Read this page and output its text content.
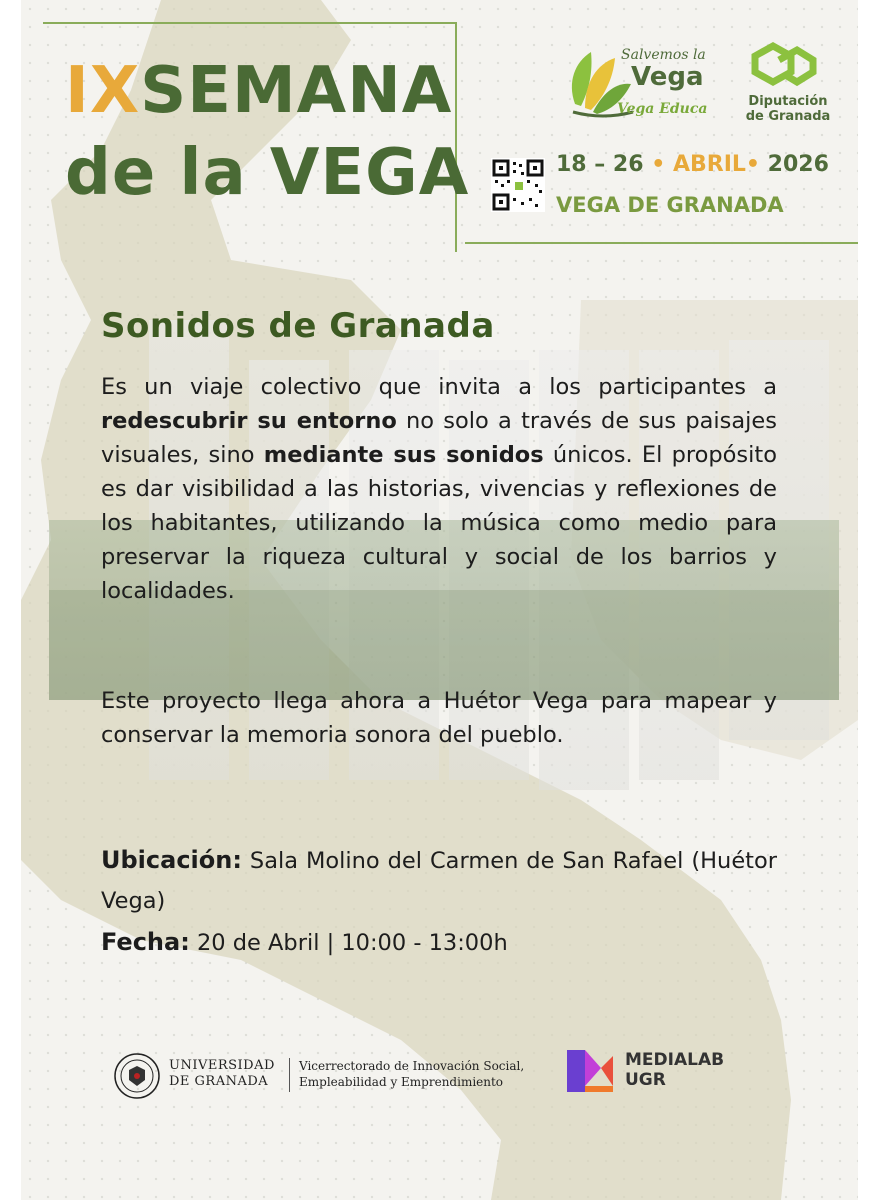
IXSEMANA
de la VEGA
Salvemos la
Vega
Vega Educa	Diputación
de Granada
18 – 26 • ABRIL• 2026
VEGA DE GRANADA
Sonidos de Granada
Es un viaje colectivo que invita a los participantes a redescubrir su entorno no solo a través de sus paisajes visuales, sino mediante sus sonidos únicos. El propósito es dar visibilidad a las historias, vivencias y reflexiones de los habitantes, utilizando la música como medio para preservar la riqueza cultural y social de los barrios y localidades.
Este proyecto llega ahora a Huétor Vega para mapear y conservar la memoria sonora del pueblo.
Ubicación: Sala Molino del Carmen de San Rafael (Huétor Vega)
Fecha: 20 de Abril | 10:00 - 13:00h
UNIVERSIDAD
DE GRANADA
Vicerrectorado de Innovación Social,
Empleabilidad y Emprendimiento
MEDIALAB
UGR
